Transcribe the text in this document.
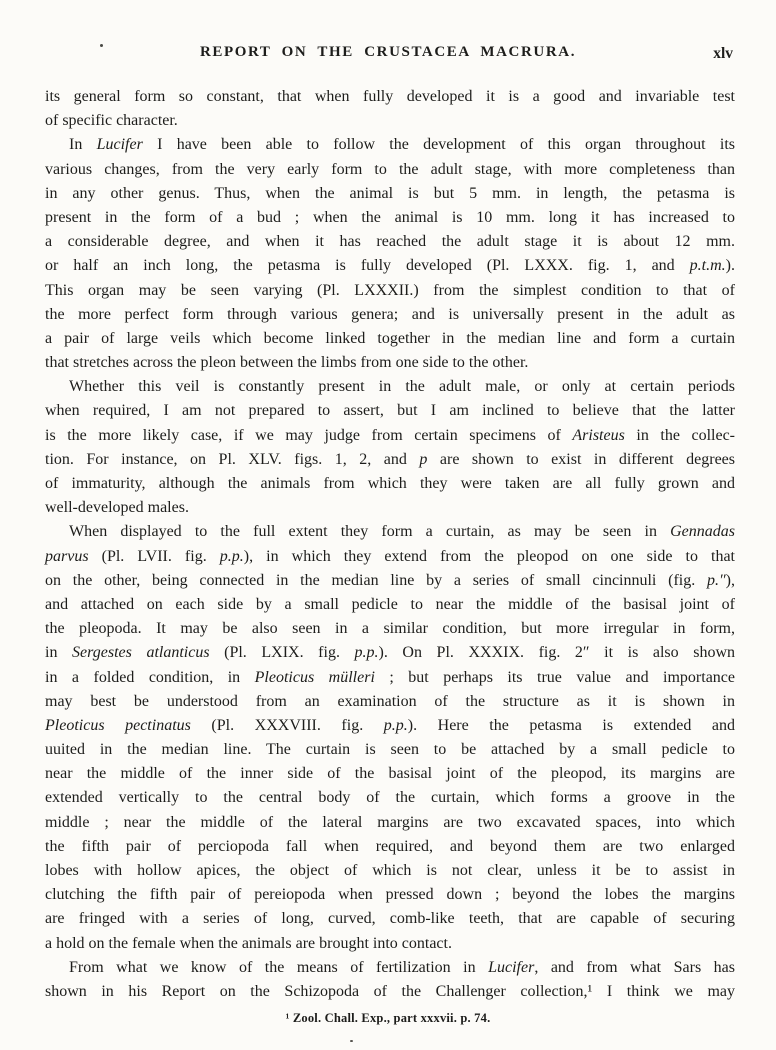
REPORT ON THE CRUSTACEA MACRURA.	xlv
its general form so constant, that when fully developed it is a good and invariable test
of specific character.
In Lucifer I have been able to follow the development of this organ throughout its
various changes, from the very early form to the adult stage, with more completeness than
in any other genus. Thus, when the animal is but 5 mm. in length, the petasma is
present in the form of a bud ; when the animal is 10 mm. long it has increased to
a considerable degree, and when it has reached the adult stage it is about 12 mm.
or half an inch long, the petasma is fully developed (Pl. LXXX. fig. 1, and p.t.m.).
This organ may be seen varying (Pl. LXXXII.) from the simplest condition to that of
the more perfect form through various genera; and is universally present in the adult as
a pair of large veils which become linked together in the median line and form a curtain
that stretches across the pleon between the limbs from one side to the other.
Whether this veil is constantly present in the adult male, or only at certain periods
when required, I am not prepared to assert, but I am inclined to believe that the latter
is the more likely case, if we may judge from certain specimens of Aristeus in the collec-
tion. For instance, on Pl. XLV. figs. 1, 2, and p are shown to exist in different degrees
of immaturity, although the animals from which they were taken are all fully grown and
well-developed males.
When displayed to the full extent they form a curtain, as may be seen in Gennadas
parvus (Pl. LVII. fig. p.p.), in which they extend from the pleopod on one side to that
on the other, being connected in the median line by a series of small cincinnuli (fig. p.″),
and attached on each side by a small pedicle to near the middle of the basisal joint of
the pleopoda. It may be also seen in a similar condition, but more irregular in form,
in Sergestes atlanticus (Pl. LXIX. fig. p.p.). On Pl. XXXIX. fig. 2″ it is also shown
in a folded condition, in Pleoticus mülleri ; but perhaps its true value and importance
may best be understood from an examination of the structure as it is shown in
Pleoticus pectinatus (Pl. XXXVIII. fig. p.p.). Here the petasma is extended and
uuited in the median line. The curtain is seen to be attached by a small pedicle to
near the middle of the inner side of the basisal joint of the pleopod, its margins are
extended vertically to the central body of the curtain, which forms a groove in the
middle ; near the middle of the lateral margins are two excavated spaces, into which
the fifth pair of perciopoda fall when required, and beyond them are two enlarged
lobes with hollow apices, the object of which is not clear, unless it be to assist in
clutching the fifth pair of pereiopoda when pressed down ; beyond the lobes the margins
are fringed with a series of long, curved, comb-like teeth, that are capable of securing
a hold on the female when the animals are brought into contact.
From what we know of the means of fertilization in Lucifer, and from what Sars has
shown in his Report on the Schizopoda of the Challenger collection,¹ I think we may
¹ Zool. Chall. Exp., part xxxvii. p. 74.
